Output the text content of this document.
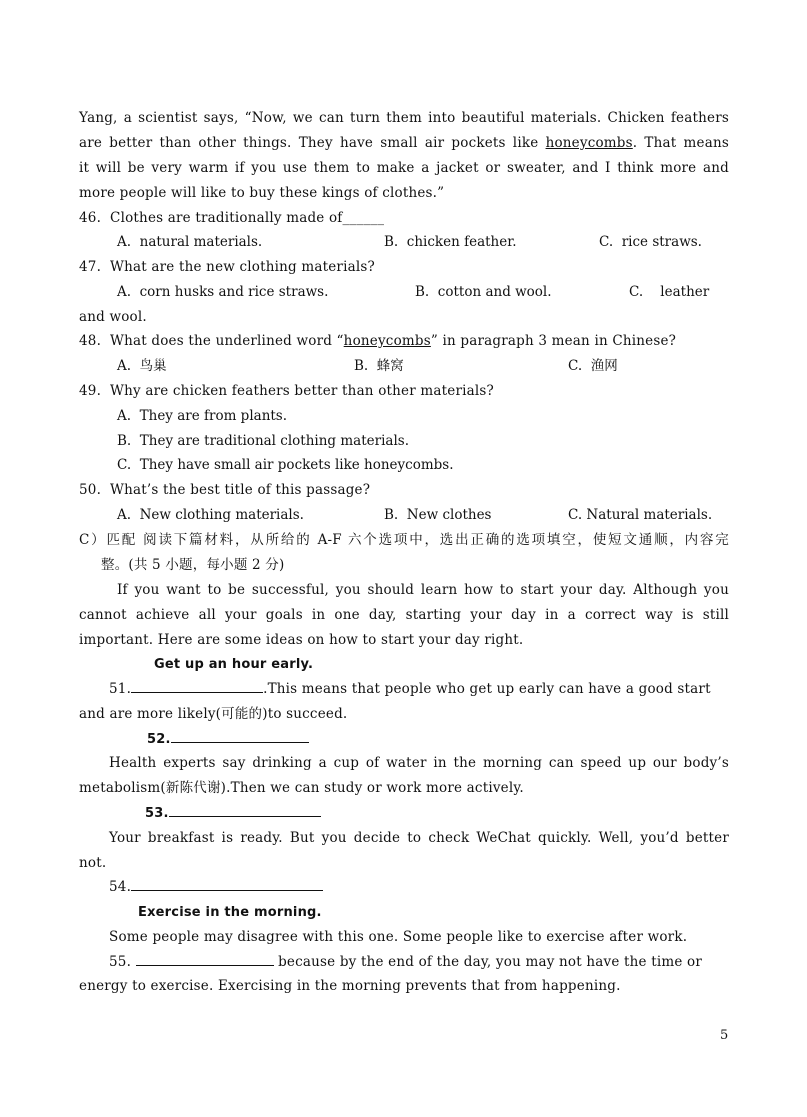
Yang, a scientist says, “Now, we can turn them into beautiful materials. Chicken feathers
are better than other things. They have small air pockets like honeycombs. That means
it will be very warm if you use them to make a jacket or sweater, and I think more and
more people will like to buy these kings of clothes.”
46.  Clothes are traditionally made of______
A.  natural materials.	B.  chicken feather.	C.  rice straws.
47.  What are the new clothing materials?
A.  corn husks and rice straws.	B.  cotton and wool.	C.    leather
and wool.
48.  What does the underlined word “honeycombs” in paragraph 3 mean in Chinese?
A.  鸟巢	B.  蜂窝	C.  渔网
49.  Why are chicken feathers better than other materials?
A.  They are from plants.
B.  They are traditional clothing materials.
C.  They have small air pockets like honeycombs.
50.  What’s the best title of this passage?
A.  New clothing materials.	B.  New clothes	C. Natural materials.
C）匹配 阅读下篇材料，从所给的 A-F 六个选项中，选出正确的选项填空，使短文通顺，内容完
整。(共 5 小题，每小题 2 分)
If you want to be successful, you should learn how to start your day. Although you
cannot achieve all your goals in one day, starting your day in a correct way is still
important. Here are some ideas on how to start your day right.
Get up an hour early.
51.	.This means that people who get up early can have a good start
and are more likely(可能的)to succeed.
52.
Health experts say drinking a cup of water in the morning can speed up our body’s
metabolism(新陈代谢).Then we can study or work more actively.
53.
Your breakfast is ready. But you decide to check WeChat quickly. Well, you’d better
not.
54.
Exercise in the morning.
Some people may disagree with this one. Some people like to exercise after work.
55.	because by the end of the day, you may not have the time or
energy to exercise. Exercising in the morning prevents that from happening.
5
